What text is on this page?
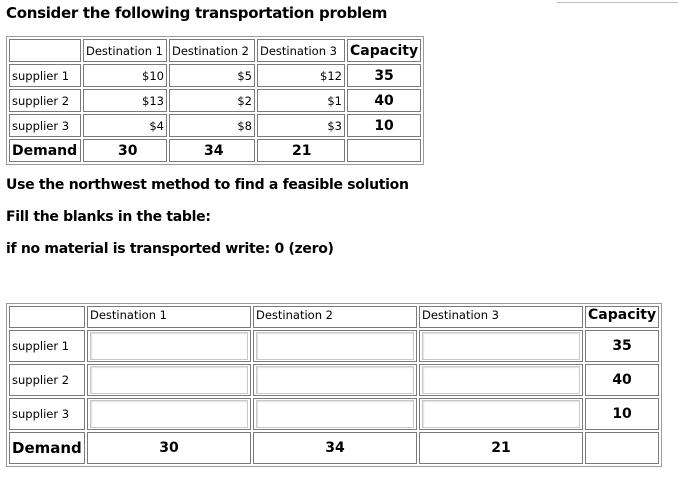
Consider the following transportation problem
	Destination 1	Destination 2	Destination 3	Capacity
supplier 1	$10	$5	$12	35
supplier 2	$13	$2	$1	40
supplier 3	$4	$8	$3	10
Demand	30	34	21	
Use the northwest method to find a feasible solution
Fill the blanks in the table:
if no material is transported write: 0 (zero)
	Destination 1	Destination 2	Destination 3	Capacity
supplier 1				35
supplier 2				40
supplier 3				10
Demand	30	34	21	
